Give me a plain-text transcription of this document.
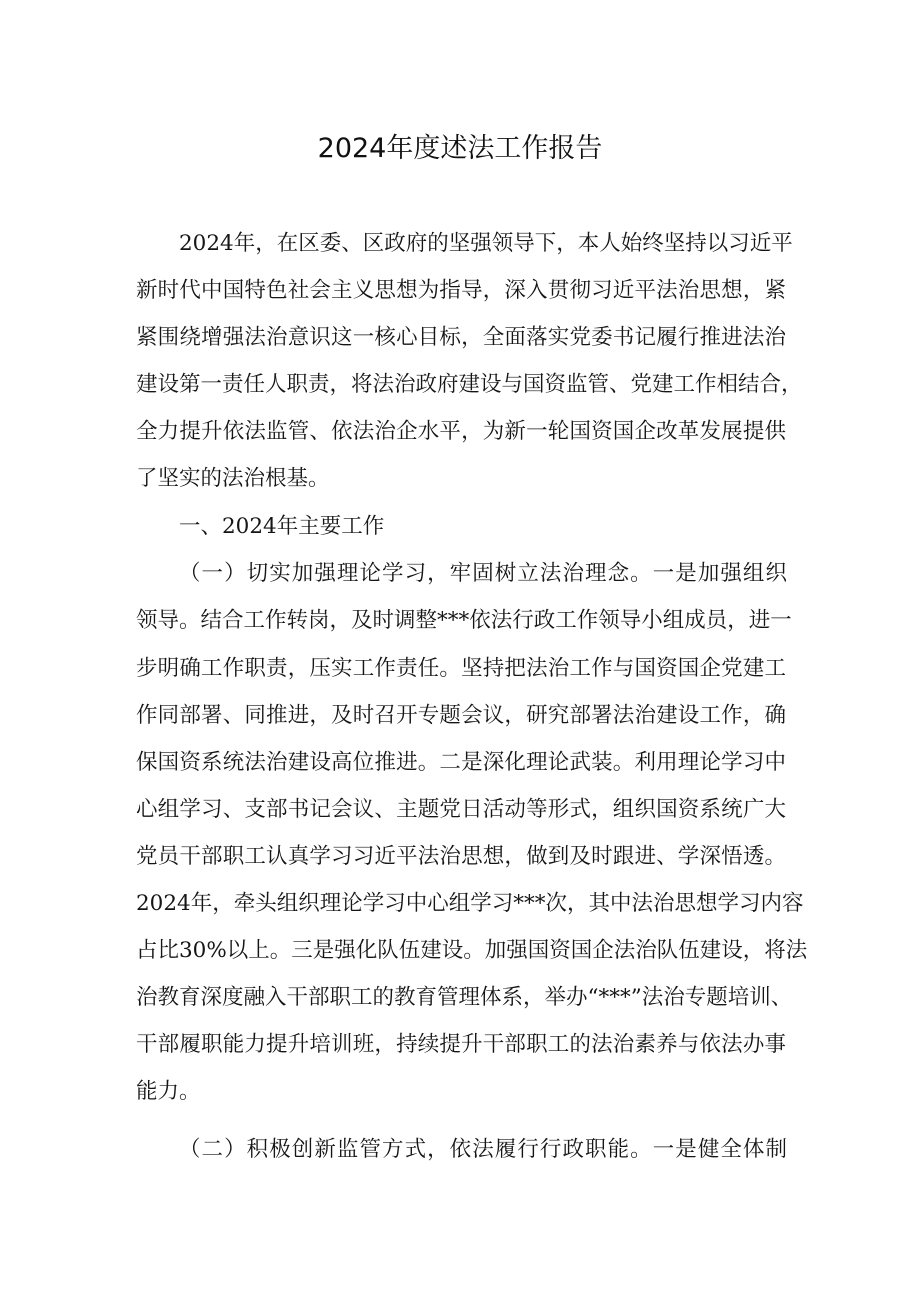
2024年度述法工作报告
2024年，在区委、区政府的坚强领导下，本人始终坚持以习近平
新时代中国特色社会主义思想为指导，深入贯彻习近平法治思想，紧
紧围绕增强法治意识这一核心目标，全面落实党委书记履行推进法治
建设第一责任人职责，将法治政府建设与国资监管、党建工作相结合，
全力提升依法监管、依法治企水平，为新一轮国资国企改革发展提供
了坚实的法治根基。
一、2024年主要工作
（一）切实加强理论学习，牢固树立法治理念。一是加强组织
领导。结合工作转岗，及时调整***依法行政工作领导小组成员，进一
步明确工作职责，压实工作责任。坚持把法治工作与国资国企党建工
作同部署、同推进，及时召开专题会议，研究部署法治建设工作，确
保国资系统法治建设高位推进。二是深化理论武装。利用理论学习中
心组学习、支部书记会议、主题党日活动等形式，组织国资系统广大
党员干部职工认真学习习近平法治思想，做到及时跟进、学深悟透。
2024年，牵头组织理论学习中心组学习***次，其中法治思想学习内容
占比30%以上。三是强化队伍建设。加强国资国企法治队伍建设，将法
治教育深度融入干部职工的教育管理体系，举办“***”法治专题培训、
干部履职能力提升培训班，持续提升干部职工的法治素养与依法办事
能力。
（二）积极创新监管方式，依法履行行政职能。一是健全体制
